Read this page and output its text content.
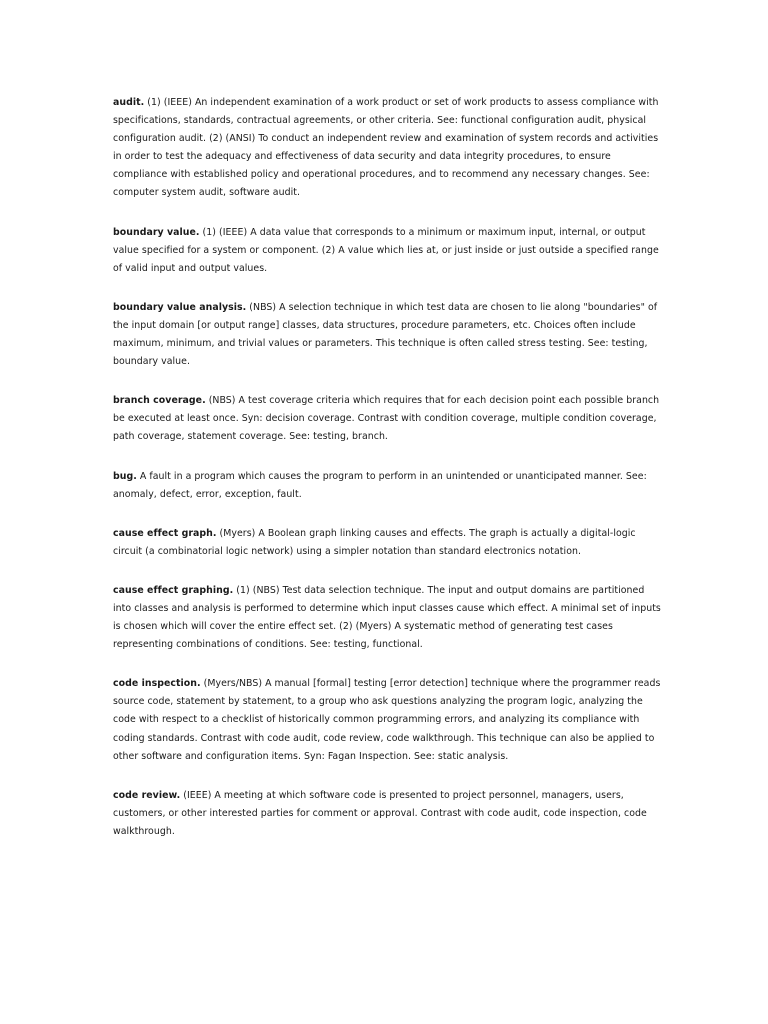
audit. (1) (IEEE) An independent examination of a work product or set of work products to assess compliance with specifications, standards, contractual agreements, or other criteria. See: functional configuration audit, physical configuration audit. (2) (ANSI) To conduct an independent review and examination of system records and activities in order to test the adequacy and effectiveness of data security and data integrity procedures, to ensure compliance with established policy and operational procedures, and to recommend any necessary changes. See: computer system audit, software audit.

boundary value. (1) (IEEE) A data value that corresponds to a minimum or maximum input, internal, or output value specified for a system or component. (2) A value which lies at, or just inside or just outside a specified range of valid input and output values.

boundary value analysis. (NBS) A selection technique in which test data are chosen to lie along "boundaries" of the input domain [or output range] classes, data structures, procedure parameters, etc. Choices often include maximum, minimum, and trivial values or parameters. This technique is often called stress testing. See: testing, boundary value.

branch coverage. (NBS) A test coverage criteria which requires that for each decision point each possible branch be executed at least once. Syn: decision coverage. Contrast with condition coverage, multiple condition coverage, path coverage, statement coverage. See: testing, branch.

bug. A fault in a program which causes the program to perform in an unintended or unanticipated manner. See: anomaly, defect, error, exception, fault.

cause effect graph. (Myers) A Boolean graph linking causes and effects. The graph is actually a digital-logic circuit (a combinatorial logic network) using a simpler notation than standard electronics notation.

cause effect graphing. (1) (NBS) Test data selection technique. The input and output domains are partitioned into classes and analysis is performed to determine which input classes cause which effect. A minimal set of inputs is chosen which will cover the entire effect set. (2) (Myers) A systematic method of generating test cases representing combinations of conditions. See: testing, functional.

code inspection. (Myers/NBS) A manual [formal] testing [error detection] technique where the programmer reads source code, statement by statement, to a group who ask questions analyzing the program logic, analyzing the code with respect to a checklist of historically common programming errors, and analyzing its compliance with coding standards. Contrast with code audit, code review, code walkthrough. This technique can also be applied to other software and configuration items. Syn: Fagan Inspection. See: static analysis.

code review. (IEEE) A meeting at which software code is presented to project personnel, managers, users, customers, or other interested parties for comment or approval. Contrast with code audit, code inspection, code walkthrough.
